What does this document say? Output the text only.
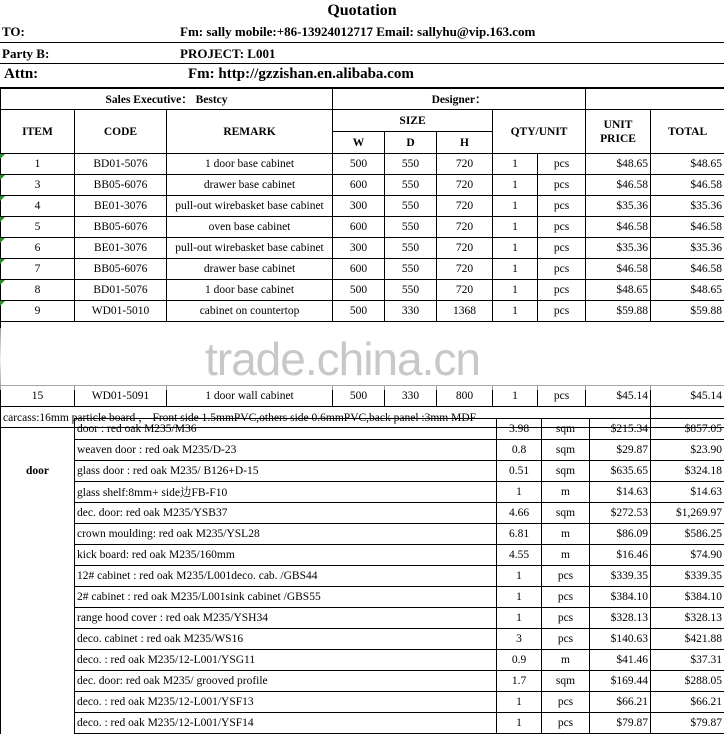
Quotation
TO:	Fm: sally mobile:+86-13924012717 Email: sallyhu@vip.163.com
Party B:	PROJECT: L001
Attn:	Fm: http://gzzishan.en.alibaba.com
Sales Executive： Bestcy			Designer：						
ITEM	CODE	REMARK	SIZE			QTY/UNIT		UNIT PRICE	TOTAL
			W	D	H				
1	BD01-5076	1 door base cabinet	500	550	720	1	pcs	$48.65	$48.65
3	BB05-6076	drawer base cabinet	600	550	720	1	pcs	$46.58	$46.58
4	BE01-3076	pull-out wirebasket base cabinet	300	550	720	1	pcs	$35.36	$35.36
5	BB05-6076	oven base cabinet	600	550	720	1	pcs	$46.58	$46.58
6	BE01-3076	pull-out wirebasket base cabinet	300	550	720	1	pcs	$35.36	$35.36
7	BB05-6076	drawer base cabinet	600	550	720	1	pcs	$46.58	$46.58
8	BD01-5076	1 door base cabinet	500	550	720	1	pcs	$48.65	$48.65
9	WD01-5010	cabinet on countertop	500	330	1368	1	pcs	$59.88	$59.88

15	WD01-5091	1 door wall cabinet	500	330	800	1	pcs	$45.14	$45.14
carcass:16mm particle board ， Front side 1.5mmPVC,others side 0.6mmPVC,back panel :3mm MDF									
	door : red oak M235/M36	3.98	sqm	$215.34	$857.05
	weaven door : red oak M235/D-23	0.8	sqm	$29.87	$23.90
door	glass door : red oak M235/ B126+D-15	0.51	sqm	$635.65	$324.18
	glass shelf:8mm+ side边FB-F10	1	m	$14.63	$14.63
	dec. door: red oak M235/YSB37	4.66	sqm	$272.53	$1,269.97
	crown moulding: red oak M235/YSL28	6.81	m	$86.09	$586.25
	kick board: red oak M235/160mm	4.55	m	$16.46	$74.90
	12# cabinet : red oak M235/L001deco. cab. /GBS44	1	pcs	$339.35	$339.35
	2# cabinet : red oak M235/L001sink cabinet /GBS55	1	pcs	$384.10	$384.10
	range hood cover : red oak M235/YSH34	1	pcs	$328.13	$328.13
	deco. cabinet : red oak M235/WS16	3	pcs	$140.63	$421.88
	deco. : red oak M235/12-L001/YSG11	0.9	m	$41.46	$37.31
	dec. door: red oak M235/ grooved profile	1.7	sqm	$169.44	$288.05
	deco. : red oak M235/12-L001/YSF13	1	pcs	$66.21	$66.21
	deco. : red oak M235/12-L001/YSF14	1	pcs	$79.87	$79.87
trade.china.cn
